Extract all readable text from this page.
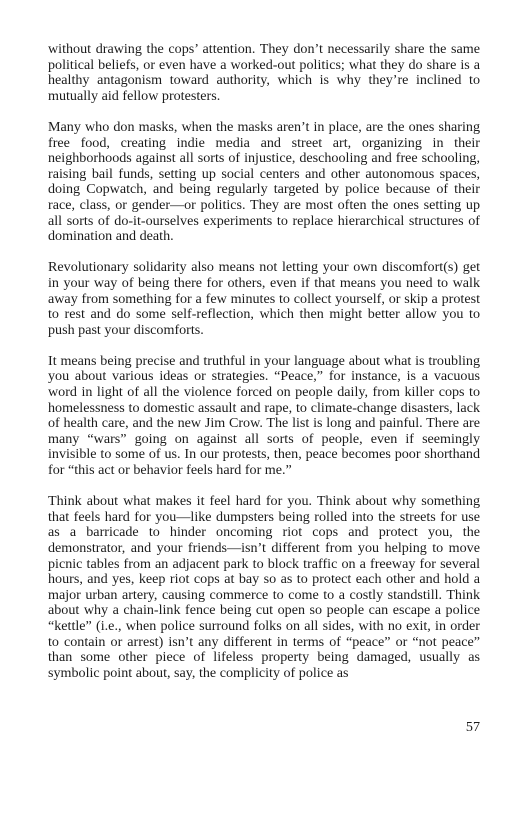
without drawing the cops’ attention. They don’t necessarily share the same political beliefs, or even have a worked-out politics; what they do share is a healthy antagonism toward authority, which is why they’re inclined to mutually aid fellow protesters.

Many who don masks, when the masks aren’t in place, are the ones sharing free food, creating indie media and street art, organizing in their neighborhoods against all sorts of injustice, deschooling and free schooling, raising bail funds, setting up social centers and other autonomous spaces, doing Copwatch, and being regularly targeted by police because of their race, class, or gender—or politics. They are most often the ones setting up all sorts of do-it-ourselves experiments to replace hierarchical structures of domination and death.

Revolutionary solidarity also means not letting your own discomfort(s) get in your way of being there for others, even if that means you need to walk away from something for a few minutes to collect yourself, or skip a protest to rest and do some self-reflection, which then might better allow you to push past your discomforts.

It means being precise and truthful in your language about what is troubling you about various ideas or strategies. “Peace,” for instance, is a vacuous word in light of all the violence forced on people daily, from killer cops to homelessness to domestic assault and rape, to climate-change disasters, lack of health care, and the new Jim Crow. The list is long and painful. There are many “wars” going on against all sorts of people, even if seemingly invisible to some of us. In our protests, then, peace becomes poor shorthand for “this act or behavior feels hard for me.”

Think about what makes it feel hard for you. Think about why something that feels hard for you—like dumpsters being rolled into the streets for use as a barricade to hinder oncoming riot cops and protect you, the demonstrator, and your friends—isn’t different from you helping to move picnic tables from an adjacent park to block traffic on a freeway for several hours, and yes, keep riot cops at bay so as to protect each other and hold a major urban artery, causing commerce to come to a costly standstill. Think about why a chain-link fence being cut open so people can escape a police “kettle” (i.e., when police surround folks on all sides, with no exit, in order to contain or arrest) isn’t any different in terms of “peace” or “not peace” than some other piece of lifeless property being damaged, usually as symbolic point about, say, the complicity of police as

57
